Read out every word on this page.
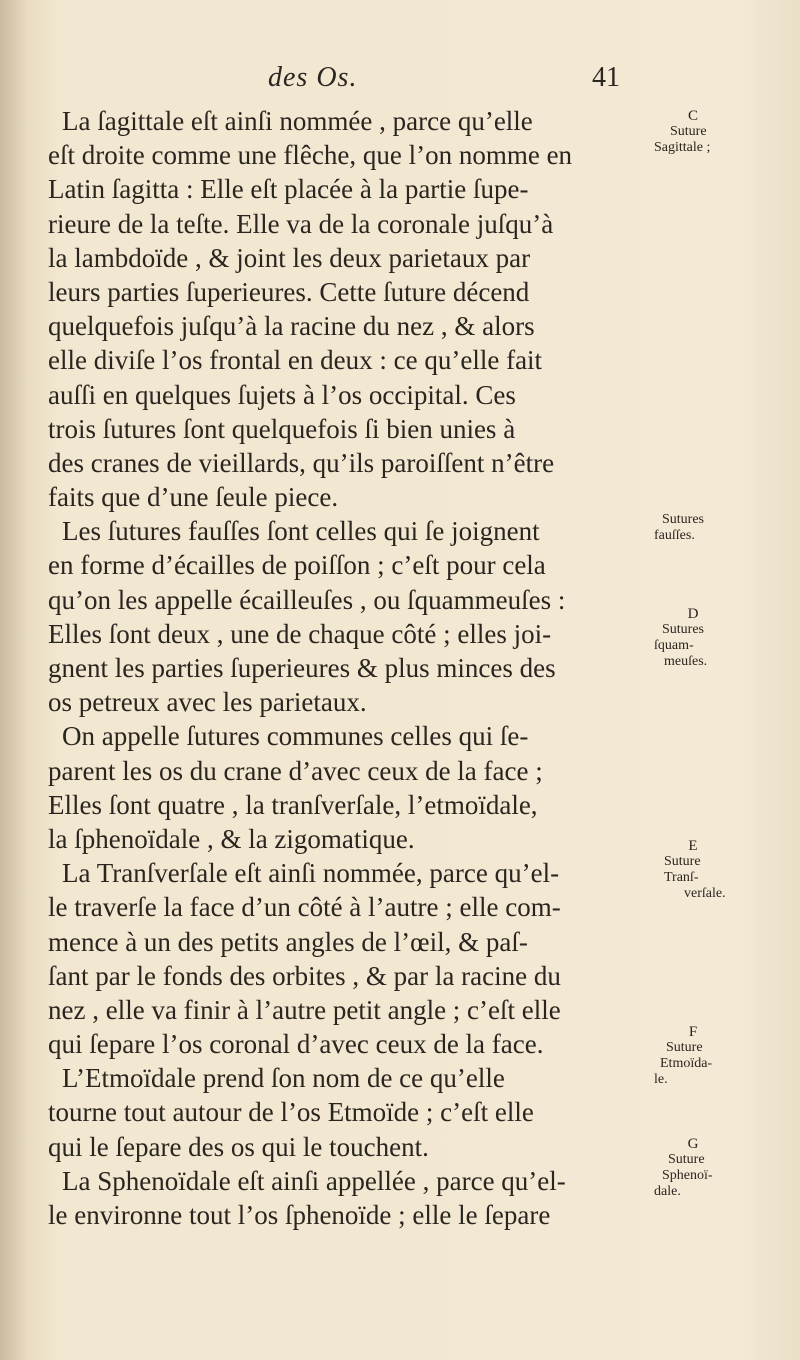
des Os.	41
La ſagittale eſt ainſi nommée , parce qu’elle
eſt droite comme une flêche, que l’on nomme en
Latin ſagitta : Elle eſt placée à la partie ſupe-
rieure de la teſte. Elle va de la coronale juſqu’à
la lambdoïde , & joint les deux parietaux par
leurs parties ſuperieures. Cette ſuture décend
quelquefois juſqu’à la racine du nez , & alors
elle diviſe l’os frontal en deux : ce qu’elle fait
auſſi en quelques ſujets à l’os occipital. Ces
trois ſutures ſont quelquefois ſi bien unies à
des cranes de vieillards, qu’ils paroiſſent n’être
faits que d’une ſeule piece.
Les ſutures fauſſes ſont celles qui ſe joignent
en forme d’écailles de poiſſon ; c’eſt pour cela
qu’on les appelle écailleuſes , ou ſquammeuſes :
Elles ſont deux , une de chaque côté ; elles joi-
gnent les parties ſuperieures & plus minces des
os petreux avec les parietaux.
On appelle ſutures communes celles qui ſe-
parent les os du crane d’avec ceux de la face ;
Elles ſont quatre , la tranſverſale, l’etmoïdale,
la ſphenoïdale , & la zigomatique.
La Tranſverſale eſt ainſi nommée, parce qu’el-
le traverſe la face d’un côté à l’autre ; elle com-
mence à un des petits angles de l’œil, & paſ-
ſant par le fonds des orbites , & par la racine du
nez , elle va finir à l’autre petit angle ; c’eſt elle
qui ſepare l’os coronal d’avec ceux de la face.
L’Etmoïdale prend ſon nom de ce qu’elle
tourne tout autour de l’os Etmoïde ; c’eſt elle
qui le ſepare des os qui le touchent.
La Sphenoïdale eſt ainſi appellée , parce qu’el-
le environne tout l’os ſphenoïde ; elle le ſepare
C
Suture
Sagittale ;
Sutures
fauſſes.
D
Sutures
ſquam-
meuſes.
E
Suture
Tranſ-
verſale.
F
Suture
Etmoïda-
le.
G
Suture
Sphenoï-
dale.
